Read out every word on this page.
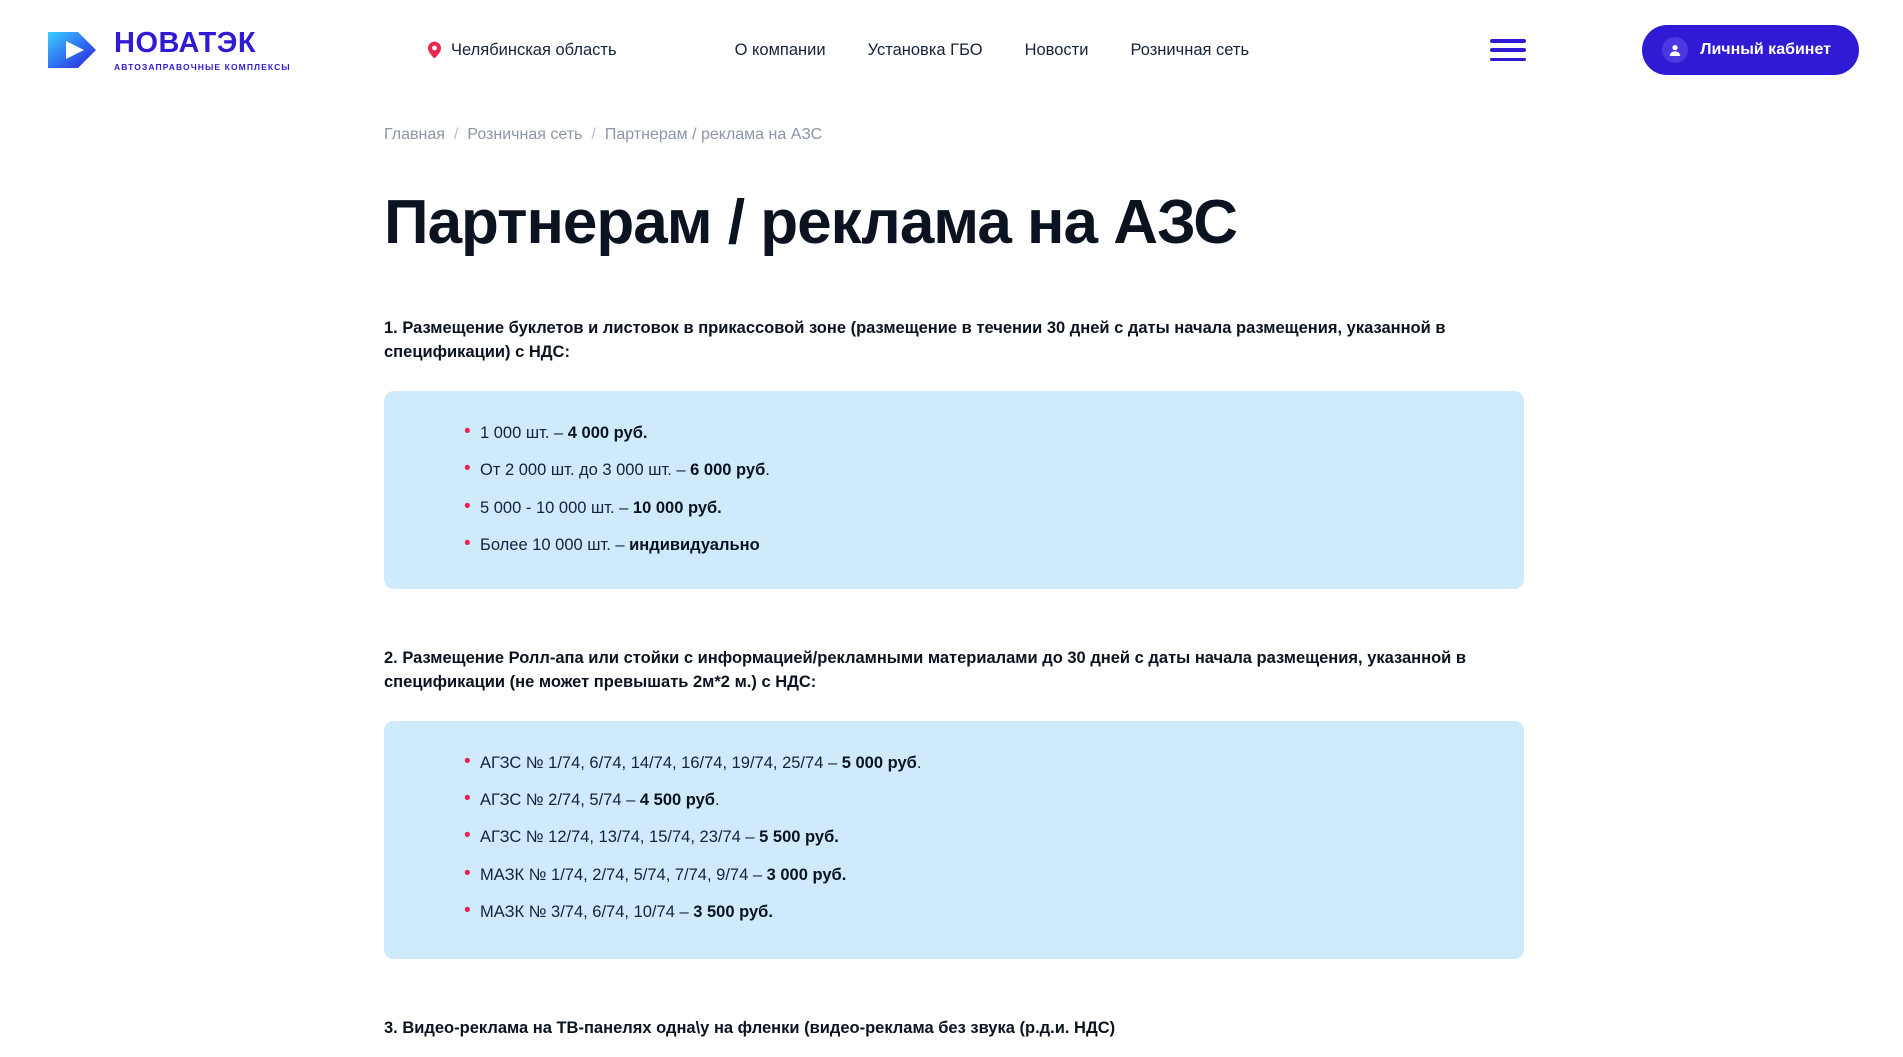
НОВАТЭК
АВТОЗАПРАВОЧНЫЕ КОМПЛЕКСЫ
Челябинская область	О компании	Установка ГБО	Новости	Розничная сеть	Личный кабинет
Главная / Розничная сеть / Партнерам / реклама на АЗС
Партнерам / реклама на АЗС

1. Размещение буклетов и листовок в прикассовой зоне (размещение в течении 30 дней с даты начала размещения, указанной в спецификации) с НДС:

• 1 000 шт. – 4 000 руб.
• От 2 000 шт. до 3 000 шт. – 6 000 руб.
• 5 000 - 10 000 шт. – 10 000 руб.
• Более 10 000 шт. – индивидуально

2. Размещение Ролл-апа или стойки с информацией/рекламными материалами до 30 дней с даты начала размещения, указанной в спецификации (не может превышать 2м*2 м.) с НДС:

• АГЗС № 1/74, 6/74, 14/74, 16/74, 19/74, 25/74 – 5 000 руб.
• АГЗС № 2/74, 5/74 – 4 500 руб.
• АГЗС № 12/74, 13/74, 15/74, 23/74 – 5 500 руб.
• МАЗК № 1/74, 2/74, 5/74, 7/74, 9/74 – 3 000 руб.
• МАЗК № 3/74, 6/74, 10/74 – 3 500 руб.

3. Видео-реклама на ТВ-панелях одна\у на фленки (видео-реклама без звука (р.д.и. НДС)
